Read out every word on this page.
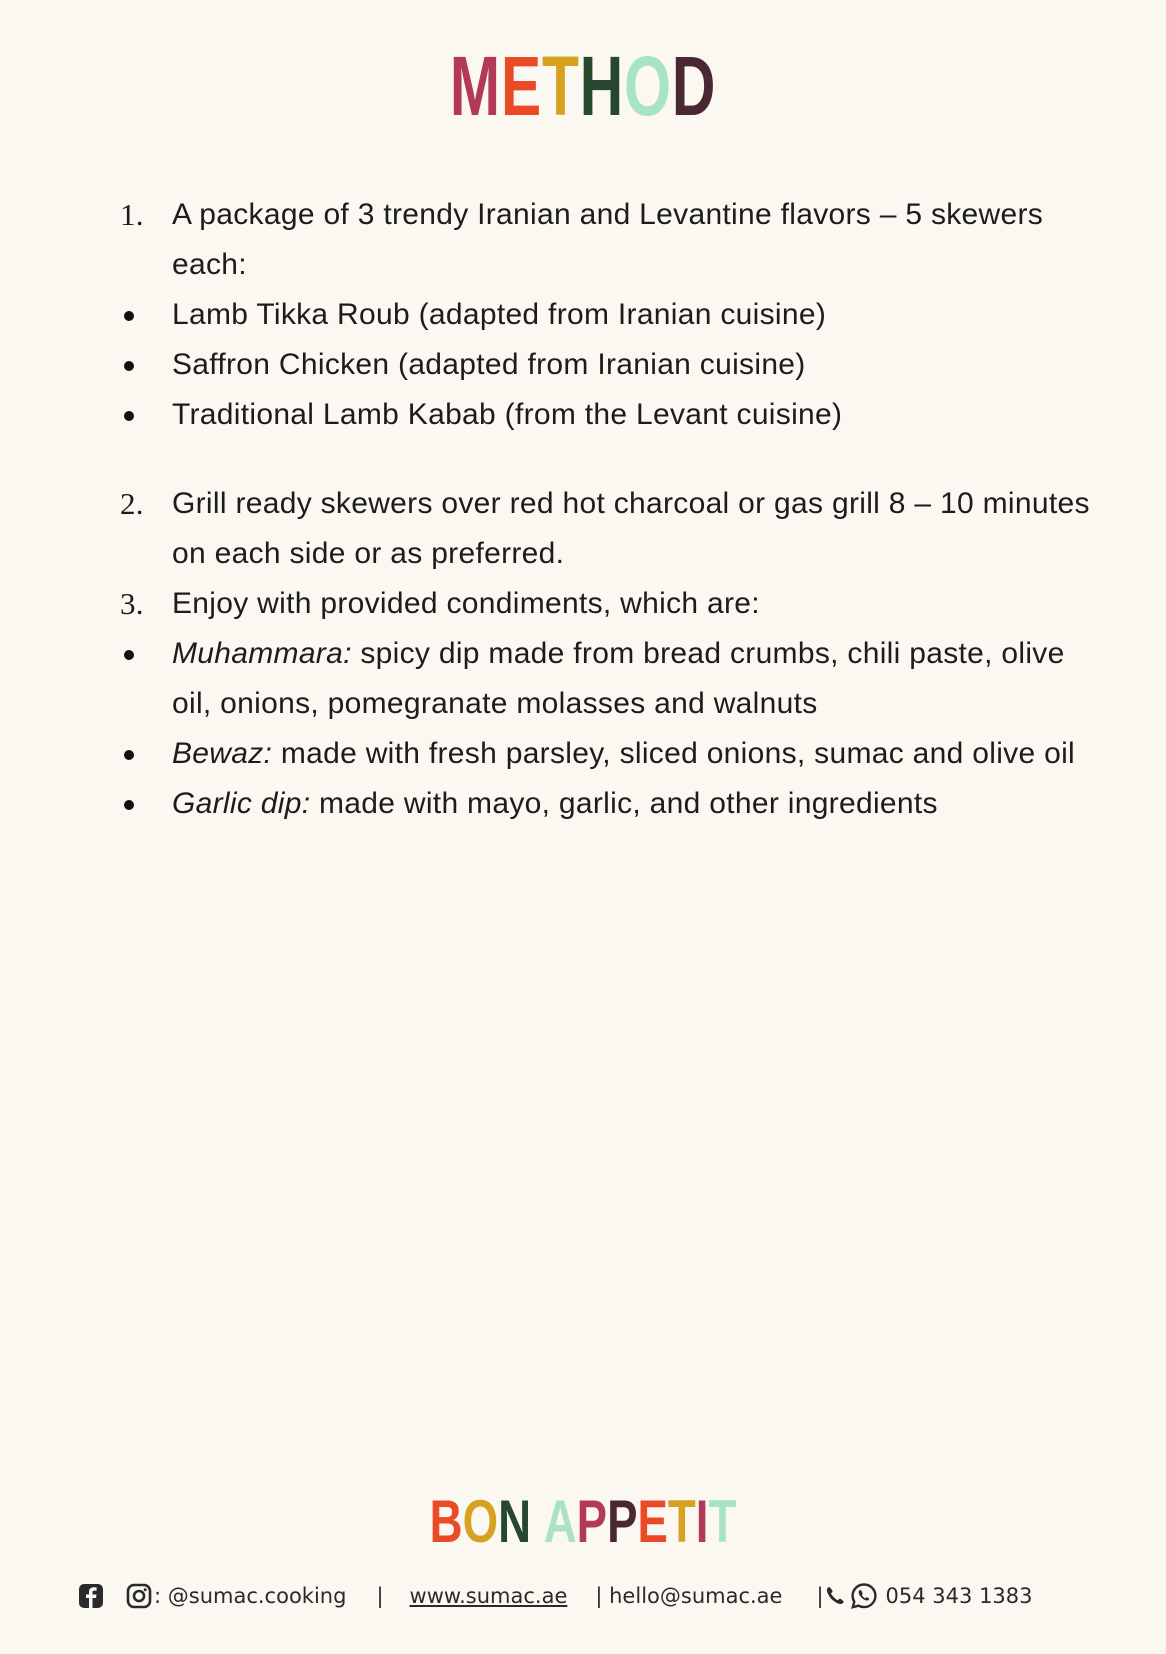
METHOD
1. A package of 3 trendy Iranian and Levantine flavors – 5 skewers each:
Lamb Tikka Roub (adapted from Iranian cuisine)
Saffron Chicken (adapted from Iranian cuisine)
Traditional Lamb Kabab (from the Levant cuisine)
2. Grill ready skewers over red hot charcoal or gas grill 8 – 10 minutes on each side or as preferred.
3. Enjoy with provided condiments, which are:
Muhammara: spicy dip made from bread crumbs, chili paste, olive oil, onions, pomegranate molasses and walnuts
Bewaz: made with fresh parsley, sliced onions, sumac and olive oil
Garlic dip: made with mayo, garlic, and other ingredients
BON APPETIT
: @sumac.cooking | www.sumac.ae | hello@sumac.ae |	054 343 1383
